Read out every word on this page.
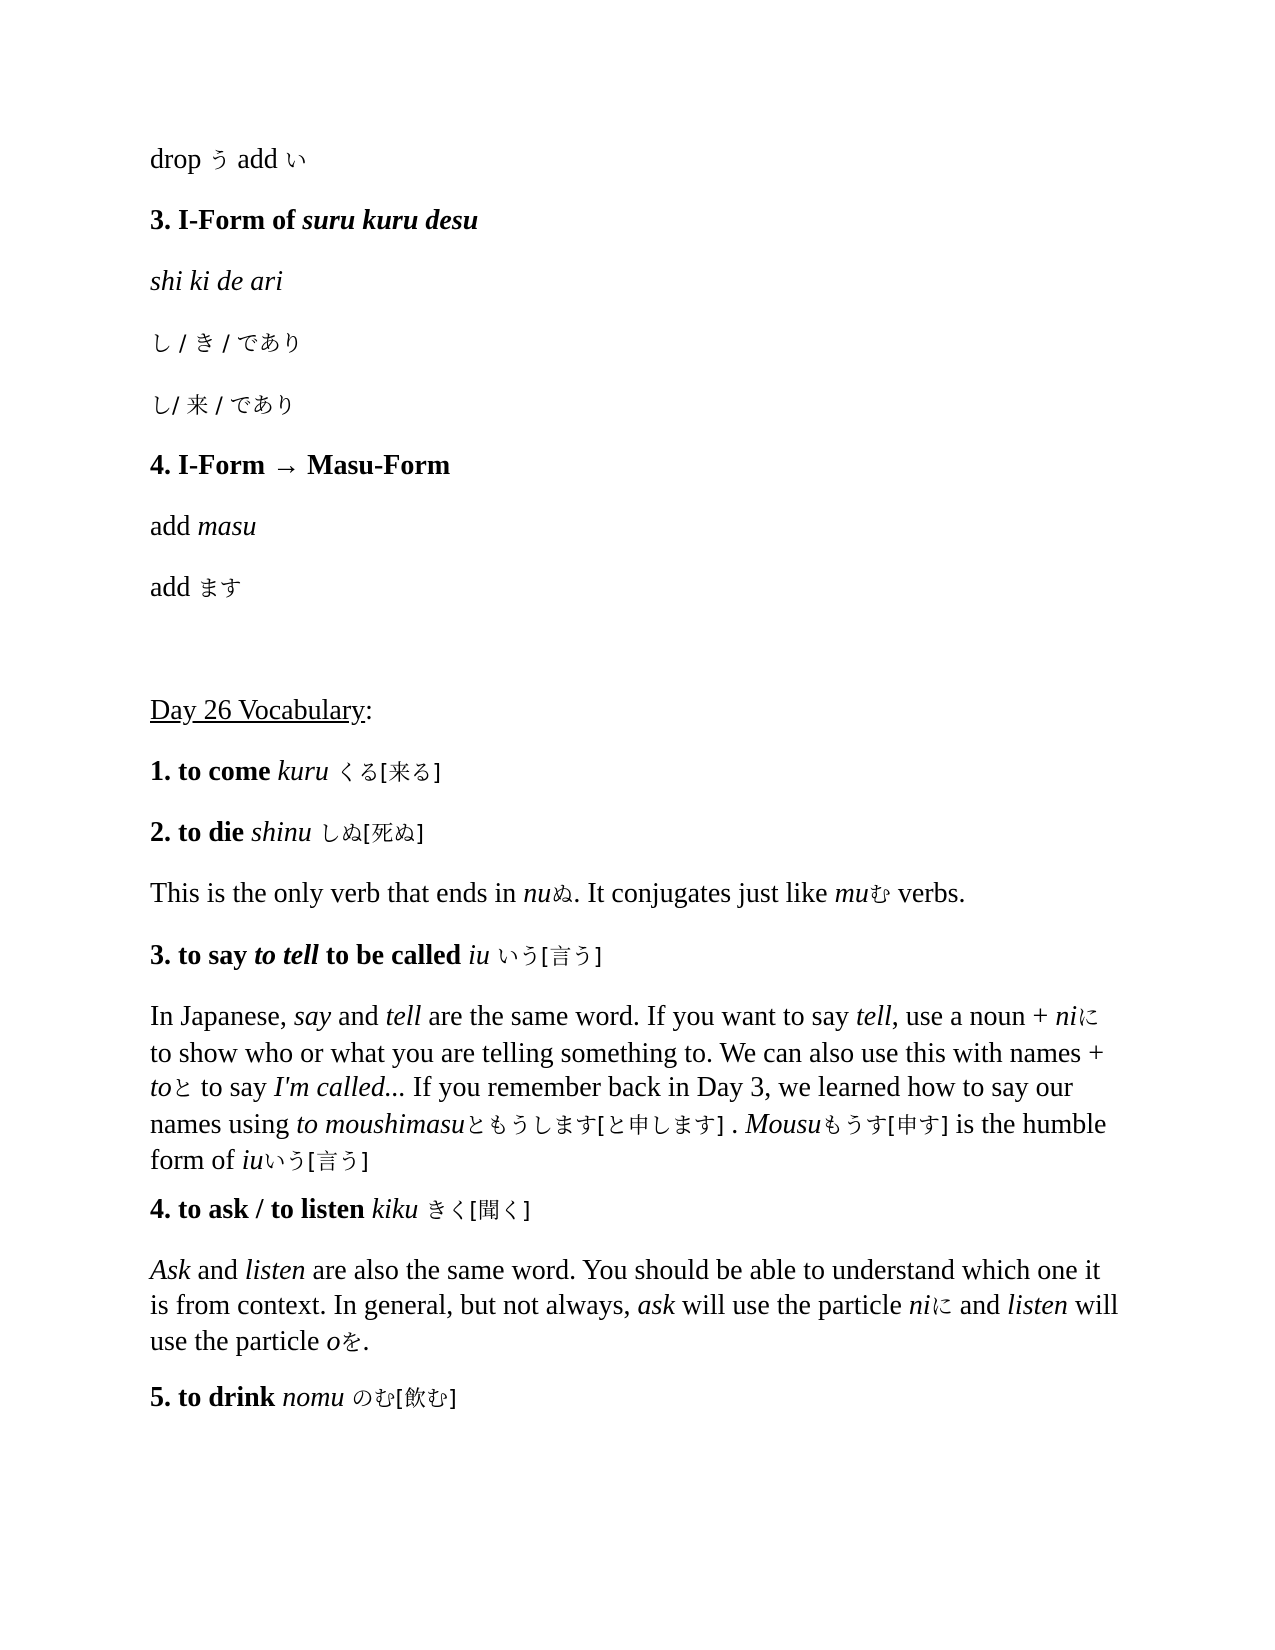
drop う add い
3. I-Form of suru kuru desu
shi ki de ari
し / き / であり
し/ 来 / であり
4. I-Form → Masu-Form
add masu
add ます
Day 26 Vocabulary:
1. to come kuru くる[来る]
2. to die shinu しぬ[死ぬ]
This is the only verb that ends in nuぬ. It conjugates just like muむ verbs.
3. to say to tell to be called iu いう[言う]
In Japanese, say and tell are the same word. If you want to say tell, use a noun + niに to show who or what you are telling something to. We can also use this with names + toと to say I'm called... If you remember back in Day 3, we learned how to say our names using to moushimasuともうします[と申します] . Mousuもうす[申す] is the humble form of iuいう[言う]
4. to ask / to listen kiku きく[聞く]
Ask and listen are also the same word. You should be able to understand which one it is from context. In general, but not always, ask will use the particle niに and listen will use the particle oを.
5. to drink nomu のむ[飲む]
